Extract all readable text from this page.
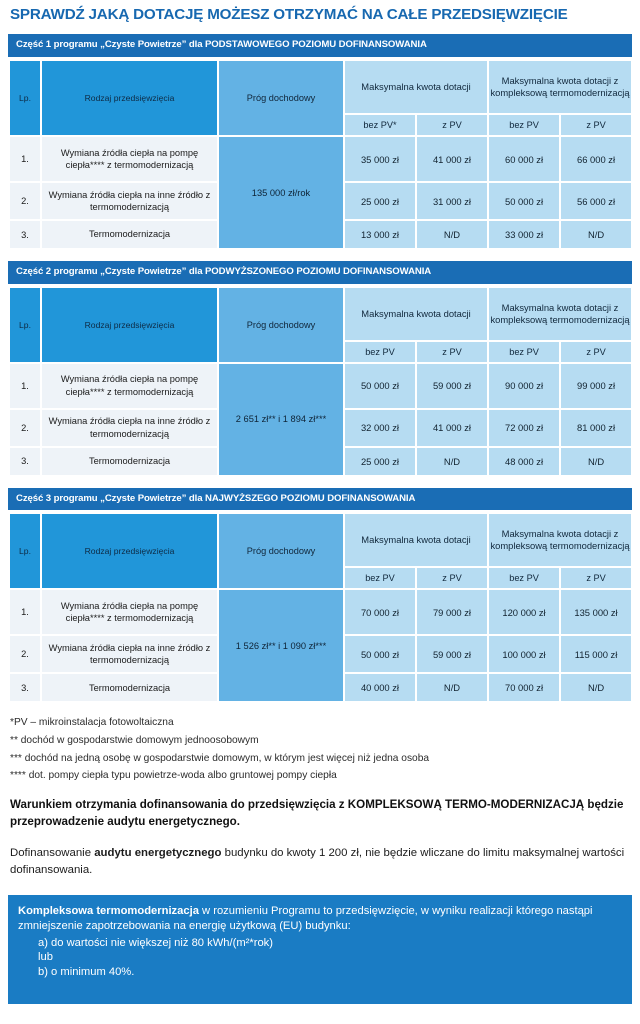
SPRAWDŹ JAKĄ DOTACJĘ MOŻESZ OTRZYMAĆ NA CAŁE PRZEDSIĘWZIĘCIE
Część 1 programu „Czyste Powietrze” dla PODSTAWOWEGO POZIOMU DOFINANSOWANIA
Lp.	Rodzaj przedsięwzięcia	Próg dochodowy	Maksymalna kwota dotacji		Maksymalna kwota dotacji z kompleksową termomodernizacją	
			bez PV*	z PV	bez PV	z PV
1.	Wymiana źródła ciepła na pompę ciepła**** z termomodernizacją	135 000 zł/rok	35 000 zł	41 000 zł	60 000 zł	66 000 zł
2.	Wymiana źródła ciepła na inne źródło z termomodernizacją		25 000 zł	31 000 zł	50 000 zł	56 000 zł
3.	Termomodernizacja		13 000 zł	N/D	33 000 zł	N/D
Część 2 programu „Czyste Powietrze” dla PODWYŻSZONEGO POZIOMU DOFINANSOWANIA
Lp.	Rodzaj przedsięwzięcia	Próg dochodowy	Maksymalna kwota dotacji		Maksymalna kwota dotacji z kompleksową termomodernizacją	
			bez PV	z PV	bez PV	z PV
1.	Wymiana źródła ciepła na pompę ciepła**** z termomodernizacją	2 651 zł** i 1 894 zł***	50 000 zł	59 000 zł	90 000 zł	99 000 zł
2.	Wymiana źródła ciepła na inne źródło z termomodernizacją		32 000 zł	41 000 zł	72 000 zł	81 000 zł
3.	Termomodernizacja		25 000 zł	N/D	48 000 zł	N/D
Część 3 programu „Czyste Powietrze” dla NAJWYŻSZEGO POZIOMU DOFINANSOWANIA
Lp.	Rodzaj przedsięwzięcia	Próg dochodowy	Maksymalna kwota dotacji		Maksymalna kwota dotacji z kompleksową termomodernizacją	
			bez PV	z PV	bez PV	z PV
1.	Wymiana źródła ciepła na pompę ciepła**** z termomodernizacją	1 526 zł** i 1 090 zł***	70 000 zł	79 000 zł	120 000 zł	135 000 zł
2.	Wymiana źródła ciepła na inne źródło z termomodernizacją		50 000 zł	59 000 zł	100 000 zł	115 000 zł
3.	Termomodernizacja		40 000 zł	N/D	70 000 zł	N/D

*PV – mikroinstalacja fotowoltaiczna

** dochód w gospodarstwie domowym jednoosobowym

*** dochód na jedną osobę w gospodarstwie domowym, w którym jest więcej niż jedna osoba

**** dot. pompy ciepła typu powietrze-woda albo gruntowej pompy ciepła

Warunkiem otrzymania dofinansowania do przedsięwzięcia z KOMPLEKSOWĄ TERMO-MODERNIZACJĄ będzie przeprowadzenie audytu energetycznego.

Dofinansowanie audytu energetycznego budynku do kwoty 1 200 zł, nie będzie wliczane do limitu maksymalnej wartości dofinansowania.

Kompleksowa termomodernizacja w rozumieniu Programu to przedsięwzięcie, w wyniku realizacji którego nastąpi zmniejszenie zapotrzebowania na energię użytkową (EU) budynku:
a) do wartości nie większej niż 80 kWh/(m²*rok)
lub
b) o minimum 40%.
